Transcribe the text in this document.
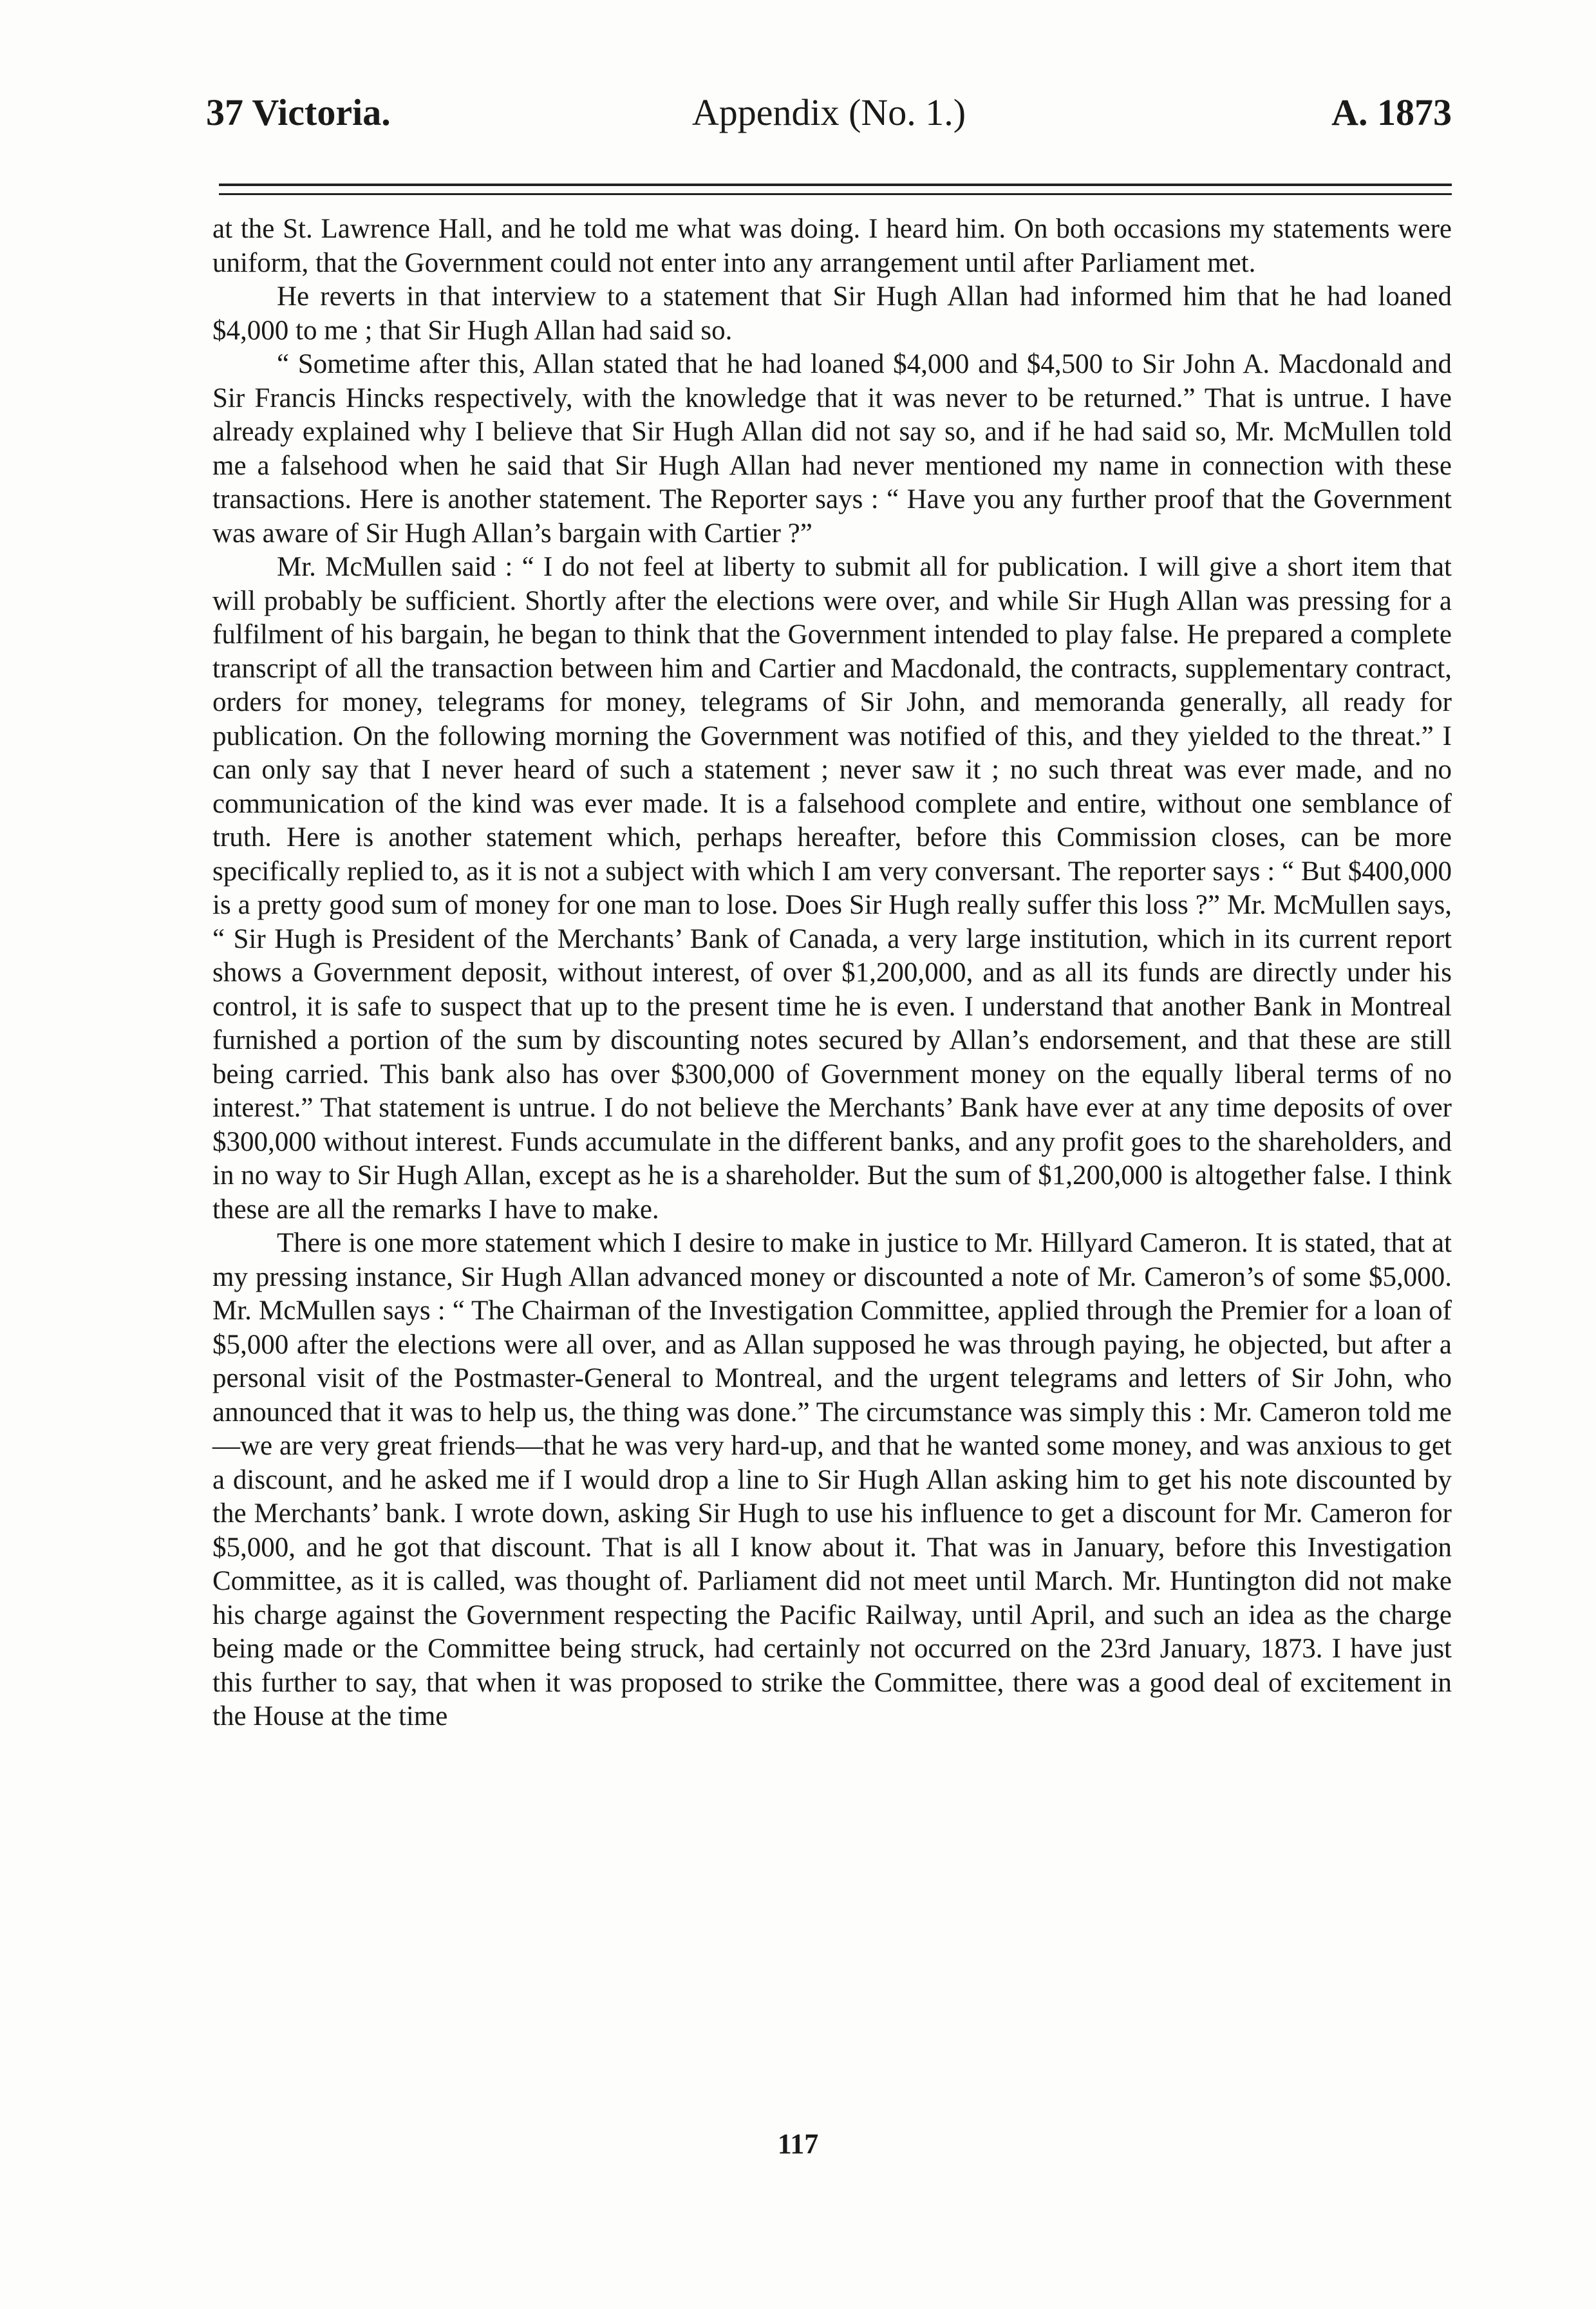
37 Victoria.	Appendix (No. 1.)	A. 1873

at the St. Lawrence Hall, and he told me what was doing. I heard him. On both occasions my statements were uniform, that the Government could not enter into any arrangement until after Parliament met.

He reverts in that interview to a statement that Sir Hugh Allan had informed him that he had loaned $4,000 to me ; that Sir Hugh Allan had said so.

“ Sometime after this, Allan stated that he had loaned $4,000 and $4,500 to Sir John A. Macdonald and Sir Francis Hincks respectively, with the knowledge that it was never to be returned.” That is untrue. I have already explained why I believe that Sir Hugh Allan did not say so, and if he had said so, Mr. McMullen told me a falsehood when he said that Sir Hugh Allan had never mentioned my name in connection with these transactions. Here is another statement. The Reporter says : “ Have you any further proof that the Government was aware of Sir Hugh Allan’s bargain with Cartier ?”

Mr. McMullen said : “ I do not feel at liberty to submit all for publication. I will give a short item that will probably be sufficient. Shortly after the elections were over, and while Sir Hugh Allan was pressing for a fulfilment of his bargain, he began to think that the Government intended to play false. He prepared a complete transcript of all the transaction between him and Cartier and Macdonald, the contracts, supplementary contract, orders for money, telegrams for money, telegrams of Sir John, and memoranda generally, all ready for publication. On the following morning the Government was notified of this, and they yielded to the threat.” I can only say that I never heard of such a statement ; never saw it ; no such threat was ever made, and no communication of the kind was ever made. It is a falsehood complete and entire, without one semblance of truth. Here is another statement which, perhaps hereafter, before this Commission closes, can be more specifically replied to, as it is not a subject with which I am very conversant. The reporter says : “ But $400,000 is a pretty good sum of money for one man to lose. Does Sir Hugh really suffer this loss ?” Mr. McMullen says, “ Sir Hugh is President of the Merchants’ Bank of Canada, a very large institution, which in its current report shows a Government deposit, without interest, of over $1,200,000, and as all its funds are directly under his control, it is safe to suspect that up to the present time he is even. I understand that another Bank in Montreal furnished a portion of the sum by discounting notes secured by Allan’s endorsement, and that these are still being carried. This bank also has over $300,000 of Government money on the equally liberal terms of no interest.” That statement is untrue. I do not believe the Merchants’ Bank have ever at any time deposits of over $300,000 without interest. Funds accumulate in the different banks, and any profit goes to the shareholders, and in no way to Sir Hugh Allan, except as he is a shareholder. But the sum of $1,200,000 is altogether false. I think these are all the remarks I have to make.

There is one more statement which I desire to make in justice to Mr. Hillyard Cameron. It is stated, that at my pressing instance, Sir Hugh Allan advanced money or discounted a note of Mr. Cameron’s of some $5,000. Mr. McMullen says : “ The Chairman of the Investigation Committee, applied through the Premier for a loan of $5,000 after the elections were all over, and as Allan supposed he was through paying, he objected, but after a personal visit of the Postmaster-General to Montreal, and the urgent telegrams and letters of Sir John, who announced that it was to help us, the thing was done.” The circumstance was simply this : Mr. Cameron told me—we are very great friends—that he was very hard-up, and that he wanted some money, and was anxious to get a discount, and he asked me if I would drop a line to Sir Hugh Allan asking him to get his note discounted by the Merchants’ bank. I wrote down, asking Sir Hugh to use his influence to get a discount for Mr. Cameron for $5,000, and he got that discount. That is all I know about it. That was in January, before this Investigation Committee, as it is called, was thought of. Parliament did not meet until March. Mr. Huntington did not make his charge against the Government respecting the Pacific Railway, until April, and such an idea as the charge being made or the Committee being struck, had certainly not occurred on the 23rd January, 1873. I have just this further to say, that when it was proposed to strike the Committee, there was a good deal of excitement in the House at the time

117
